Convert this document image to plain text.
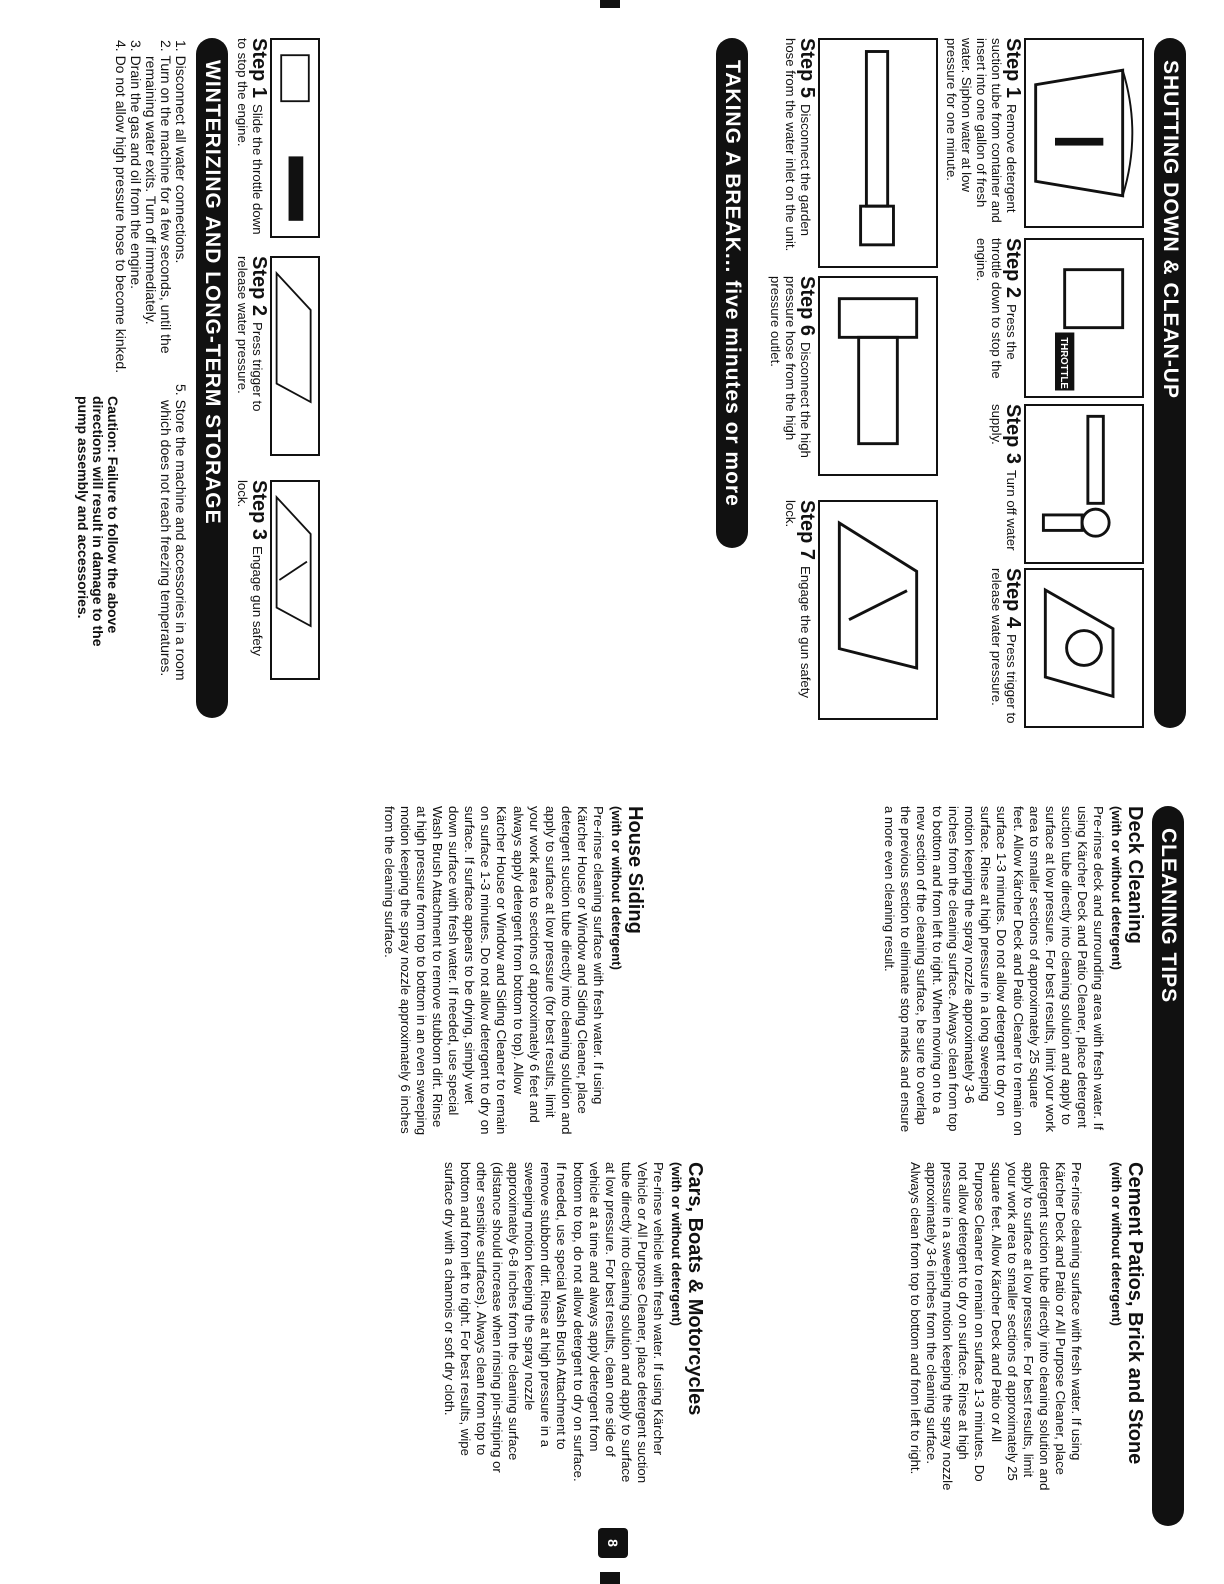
SHUTTING DOWN & CLEAN-UP
Step 1Remove detergent suction tube from container and insert into one gallon of fresh water. Siphon water at low pressure for one minute.
THROTTLE
Step 2Press the throttle down to stop the engine.
Step 3Turn off water supply.
Step 4Press trigger to release water pressure.
TAKING A BREAK... five minutes or more	Step 5Disconnect the garden hose from the water inlet on the unit.
Step 6Disconnect the high pressure hose from the high pressure outlet.
Step 7Engage the gun safety lock.
WINTERIZING AND LONG-TERM STORAGE	Step 1Slide the throttle down to stop the engine.
Step 2Press trigger to release water pressure.
Step 3Engage gun safety lock.
1. Disconnect all water connections.
2. Turn on the machine for a few seconds, until the remaining water exits. Turn off immediately.
3. Drain the gas and oil from the engine.
4. Do not allow high pressure hose to become kinked.
5. Store the machine and accessories in a room which does not reach freezing temperatures.
Caution: Failure to follow the above directions will result in damage to the pump assembly and accessories.
CLEANING TIPS
Deck Cleaning
(with or without detergent)

Pre-rinse deck and surrounding area with fresh water. If using Kärcher Deck and Patio Cleaner, place detergent suction tube directly into cleaning solution and apply to surface at low pressure. For best results, limit your work area to smaller sections of approximately 25 square feet. Allow Kärcher Deck and Patio Cleaner to remain on surface 1-3 minutes. Do not allow detergent to dry on surface. Rinse at high pressure in a long sweeping motion keeping the spray nozzle approximately 3-6 inches from the cleaning surface. Always clean from top to bottom and from left to right. When moving on to a new section of the cleaning surface, be sure to overlap the previous section to eliminate stop marks and ensure a more even cleaning result.

House Siding
(with or without detergent)

Pre-rinse cleaning surface with fresh water. If using Kärcher House or Window and Siding Cleaner, place detergent suction tube directly into cleaning solution and apply to surface at low pressure (for best results, limit your work area to sections of approximately 6 feet and always apply detergent from bottom to top). Allow Kärcher House or Window and Siding Cleaner to remain on surface 1-3 minutes. Do not allow detergent to dry on surface. If surface appears to be drying, simply wet down surface with fresh water. If needed, use special Wash Brush Attachment to remove stubborn dirt. Rinse at high pressure from top to bottom in an even sweeping motion keeping the spray nozzle approximately 6 inches from the cleaning surface.

Cement Patios, Brick and Stone
(with or without detergent)

Pre-rinse cleaning surface with fresh water. If using Kärcher Deck and Patio or All Purpose Cleaner, place detergent suction tube directly into cleaning solution and apply to surface at low pressure. For best results, limit your work area to smaller sections of approximately 25 square feet. Allow Kärcher Deck and Patio or All Purpose Cleaner to remain on surface 1-3 minutes. Do not allow detergent to dry on surface. Rinse at high pressure in a sweeping motion keeping the spray nozzle approximately 3-6 inches from the cleaning surface. Always clean from top to bottom and from left to right.

Cars, Boats & Motorcycles
(with or without detergent)

Pre-rinse vehicle with fresh water. If using Kärcher Vehicle or All Purpose Cleaner, place detergent suction tube directly into cleaning solution and apply to surface at low pressure. For best results, clean one side of vehicle at a time and always apply detergent from bottom to top, do not allow detergent to dry on surface. If needed, use special Wash Brush Attachment to remove stubborn dirt. Rinse at high pressure in a sweeping motion keeping the spray nozzle approximately 6-8 inches from the cleaning surface (distance should increase when rinsing pin-striping or other sensitive surfaces). Always clean from top to bottom and from left to right. For best results, wipe surface dry with a chamois or soft dry cloth.

8
